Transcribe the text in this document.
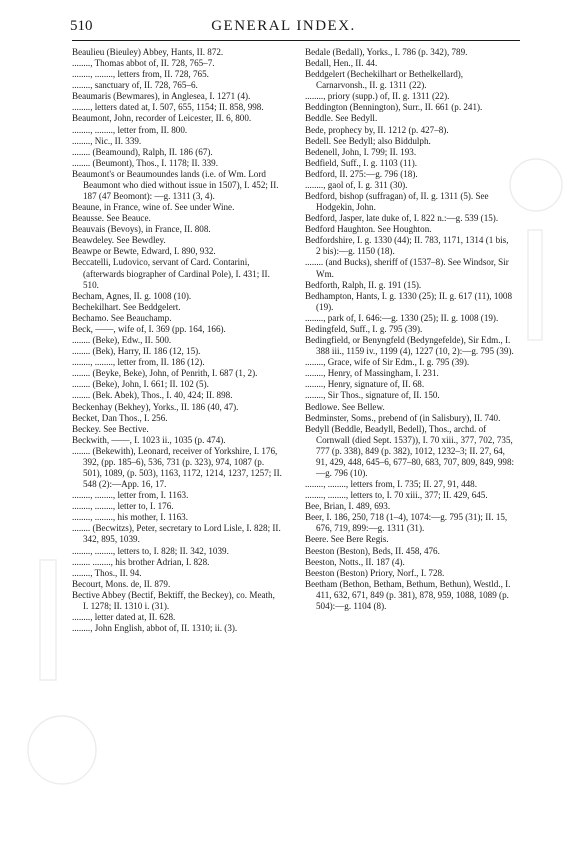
510	GENERAL INDEX.
Beaulieu (Bieuley) Abbey, Hants, II. 872.
........, Thomas abbot of, II. 728, 765–7.
........, ........, letters from, II. 728, 765.
........, sanctuary of, II. 728, 765–6.
Beaumaris (Bewmares), in Anglesea, I. 1271 (4).
........, letters dated at, I. 507, 655, 1154; II. 858, 998.
Beaumont, John, recorder of Leicester, II. 6, 800.
........, ........, letter from, II. 800.
........, Nic., II. 339.
........ (Beamound), Ralph, II. 186 (67).
........ (Beumont), Thos., I. 1178; II. 339.
Beaumont's or Beaumoundes lands (i.e. of Wm. Lord Beaumont who died without issue in 1507), I. 452; II. 187 (47 Beomont): —g. 1311 (3, 4).
Beaune, in France, wine of. See under Wine.
Beausse. See Beauce.
Beauvais (Bevoys), in France, II. 808.
Beawdeley. See Bewdley.
Beawpe or Bewte, Edward, I. 890, 932.
Beccatelli, Ludovico, servant of Card. Contarini, (afterwards biographer of Cardinal Pole), I. 431; II. 510.
Becham, Agnes, II. g. 1008 (10).
Bechekilhart. See Beddgelert.
Bechamo. See Beauchamp.
Beck, ——, wife of, I. 369 (pp. 164, 166).
........ (Beke), Edw., II. 500.
........ (Bek), Harry, II. 186 (12, 15).
........, ........, letter from, II. 186 (12).
........ (Beyke, Beke), John, of Penrith, I. 687 (1, 2).
........ (Beke), John, I. 661; II. 102 (5).
........ (Bek. Abek), Thos., I. 40, 424; II. 898.
Beckenhay (Bekhey), Yorks., II. 186 (40, 47).
Becket, Dan Thos., I. 256.
Beckey. See Bective.
Beckwith, ——, I. 1023 ii., 1035 (p. 474).
........ (Bekewith), Leonard, receiver of Yorkshire, I. 176, 392, (pp. 185–6), 536, 731 (p. 323), 974, 1087 (p. 501), 1089, (p. 503), 1163, 1172, 1214, 1237, 1257; II. 548 (2):—App. 16, 17.
........, ........, letter from, I. 1163.
........, ........, letter to, I. 176.
........, ........, his mother, I. 1163.
........ (Becwitzs), Peter, secretary to Lord Lisle, I. 828; II. 342, 895, 1039.
........, ........, letters to, I. 828; II. 342, 1039.
........ ........, his brother Adrian, I. 828.
........, Thos., II. 94.
Becourt, Mons. de, II. 879.
Bective Abbey (Bectif, Bektiff, the Beckey), co. Meath, I. 1278; II. 1310 i. (31).
........, letter dated at, II. 628.
........, John English, abbot of, II. 1310; ii. (3).
Bedale (Bedall), Yorks., I. 786 (p. 342), 789.
Bedall, Hen., II. 44.
Beddgelert (Bechekilhart or Bethelkellard), Carnarvonsh., II. g. 1311 (22).
........, priory (supp.) of, II. g. 1311 (22).
Beddington (Bennington), Surr., II. 661 (p. 241).
Beddle. See Bedyll.
Bede, prophecy by, II. 1212 (p. 427–8).
Bedell. See Bedyll; also Biddulph.
Bedenell, John, I. 799; II. 193.
Bedfield, Suff., I. g. 1103 (11).
Bedford, II. 275:—g. 796 (18).
........, gaol of, I. g. 311 (30).
Bedford, bishop (suffragan) of, II. g. 1311 (5). See Hodgekin, John.
Bedford, Jasper, late duke of, I. 822 n.:—g. 539 (15).
Bedford Haughton. See Houghton.
Bedfordshire, I. g. 1330 (44); II. 783, 1171, 1314 (1 bis, 2 bis):—g. 1150 (18).
........ (and Bucks), sheriff of (1537–8). See Windsor, Sir Wm.
Bedforth, Ralph, II. g. 191 (15).
Bedhampton, Hants, I. g. 1330 (25); II. g. 617 (11), 1008 (19).
........, park of, I. 646:—g. 1330 (25); II. g. 1008 (19).
Bedingfeld, Suff., I. g. 795 (39).
Bedingfield, or Benyngfeld (Bedyngefelde), Sir Edm., I. 388 iii., 1159 iv., 1199 (4), 1227 (10, 2):—g. 795 (39).
........, Grace, wife of Sir Edm., I. g. 795 (39).
........, Henry, of Massingham, I. 231.
........, Henry, signature of, II. 68.
........, Sir Thos., signature of, II. 150.
Bedlowe. See Bellew.
Bedminster, Soms., prebend of (in Salisbury), II. 740.
Bedyll (Beddle, Beadyll, Bedell), Thos., archd. of Cornwall (died Sept. 1537)), I. 70 xiii., 377, 702, 735, 777 (p. 338), 849 (p. 382), 1012, 1232–3; II. 27, 64, 91, 429, 448, 645–6, 677–80, 683, 707, 809, 849, 998:—g. 796 (10).
........, ........, letters from, I. 735; II. 27, 91, 448.
........, ........, letters to, I. 70 xiii., 377; II. 429, 645.
Bee, Brian, I. 489, 693.
Beer, I. 186, 250, 718 (1–4), 1074:—g. 795 (31); II. 15, 676, 719, 899:—g. 1311 (31).
Beere. See Bere Regis.
Beeston (Beston), Beds, II. 458, 476.
Beeston, Notts., II. 187 (4).
Beeston (Beston) Priory, Norf., I. 728.
Beetham (Bethon, Betham, Bethum, Bethun), Westld., I. 411, 632, 671, 849 (p. 381), 878, 959, 1088, 1089 (p. 504):—g. 1104 (8).
